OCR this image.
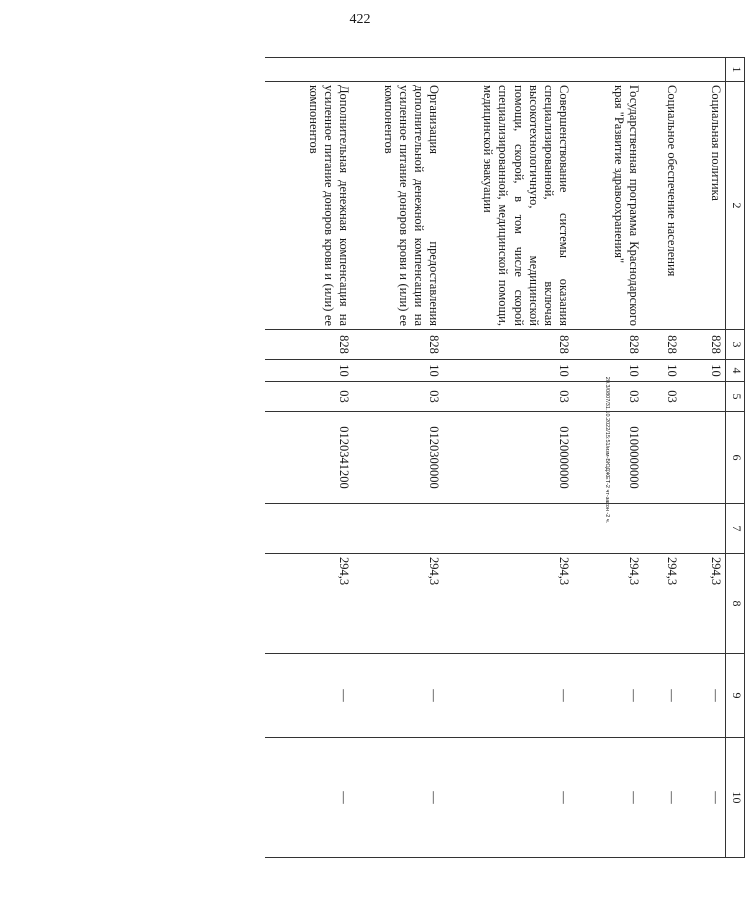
422
20.3/0807/31.10.2022/15:51/изм-БЮДЖЕТ-2 чт-закон -2 ч.
1	2	3	4	5	6	7	8	9	10
	Социальная политика	828	10				294,3	—	—
	Социальное обеспечение населения	828	10	03			294,3	—	—
	Государственная программа Краснодарского края "Развитие здравоохранения"	828	10	03	0100000000		294,3	—	—
	Совершенствование системы оказания специализированной, включая высокотехнологичную, медицинской помощи, скорой, в том числе скорой специализированной, медицинской помощи, медицинской эвакуации	828	10	03	0120000000		294,3	—	—
	Организация предоставления дополнительной денежной компенсации на усиленное питание доноров крови и (или) ее компонентов	828	10	03	0120300000		294,3	—	—
	Дополнительная денежная компенсация на усиленное питание доноров крови и (или) ее компонентов	828	10	03	0120341200		294,3	—	—
